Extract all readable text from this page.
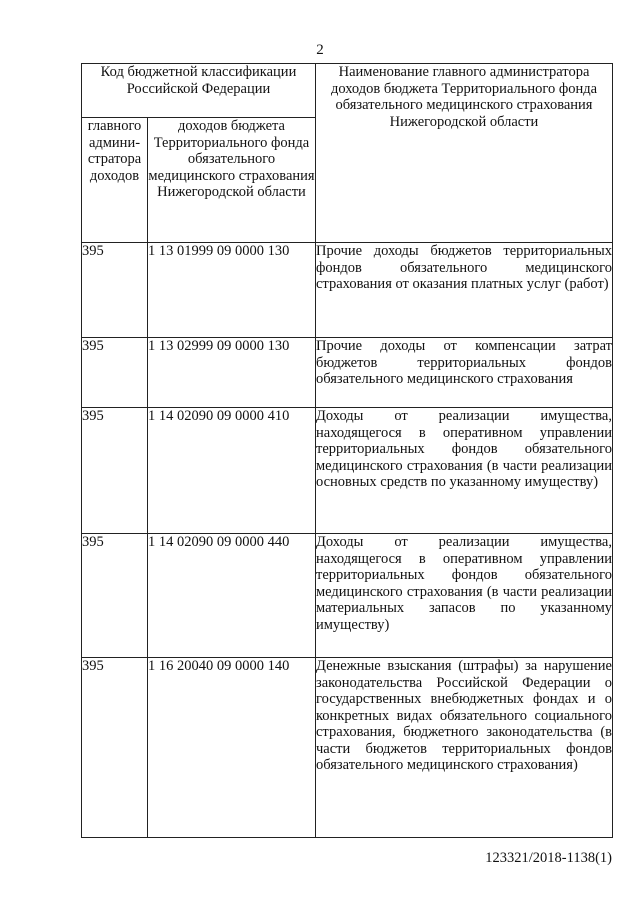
2
Код бюджетной классификации Российской Федерации		Наименование главного администратора доходов бюджета Территориального фонда обязательного медицинского страхования Нижегородской области
главного админи-стратора доходов	доходов бюджета Территориального фонда обязательного медицинского страхования Нижегородской области	
395	1 13 01999 09 0000 130	Прочие доходы бюджетов территориальных фондов обязательного медицинского страхования от оказания платных услуг (работ)
395	1 13 02999 09 0000 130	Прочие доходы от компенсации затрат бюджетов территориальных фондов обязательного медицинского страхования
395	1 14 02090 09 0000 410	Доходы от реализации имущества, находящегося в оперативном управлении территориальных фондов обязательного медицинского страхования (в части реализации основных средств по указанному имуществу)
395	1 14 02090 09 0000 440	Доходы от реализации имущества, находящегося в оперативном управлении территориальных фондов обязательного медицинского страхования (в части реализации материальных запасов по указанному имуществу)
395	1 16 20040 09 0000 140	Денежные взыскания (штрафы) за нарушение законодательства Российской Федерации о государственных внебюджетных фондах и о конкретных видах обязательного социального страхования, бюджетного законодательства (в части бюджетов территориальных фондов обязательного медицинского страхования)
123321/2018-1138(1)
